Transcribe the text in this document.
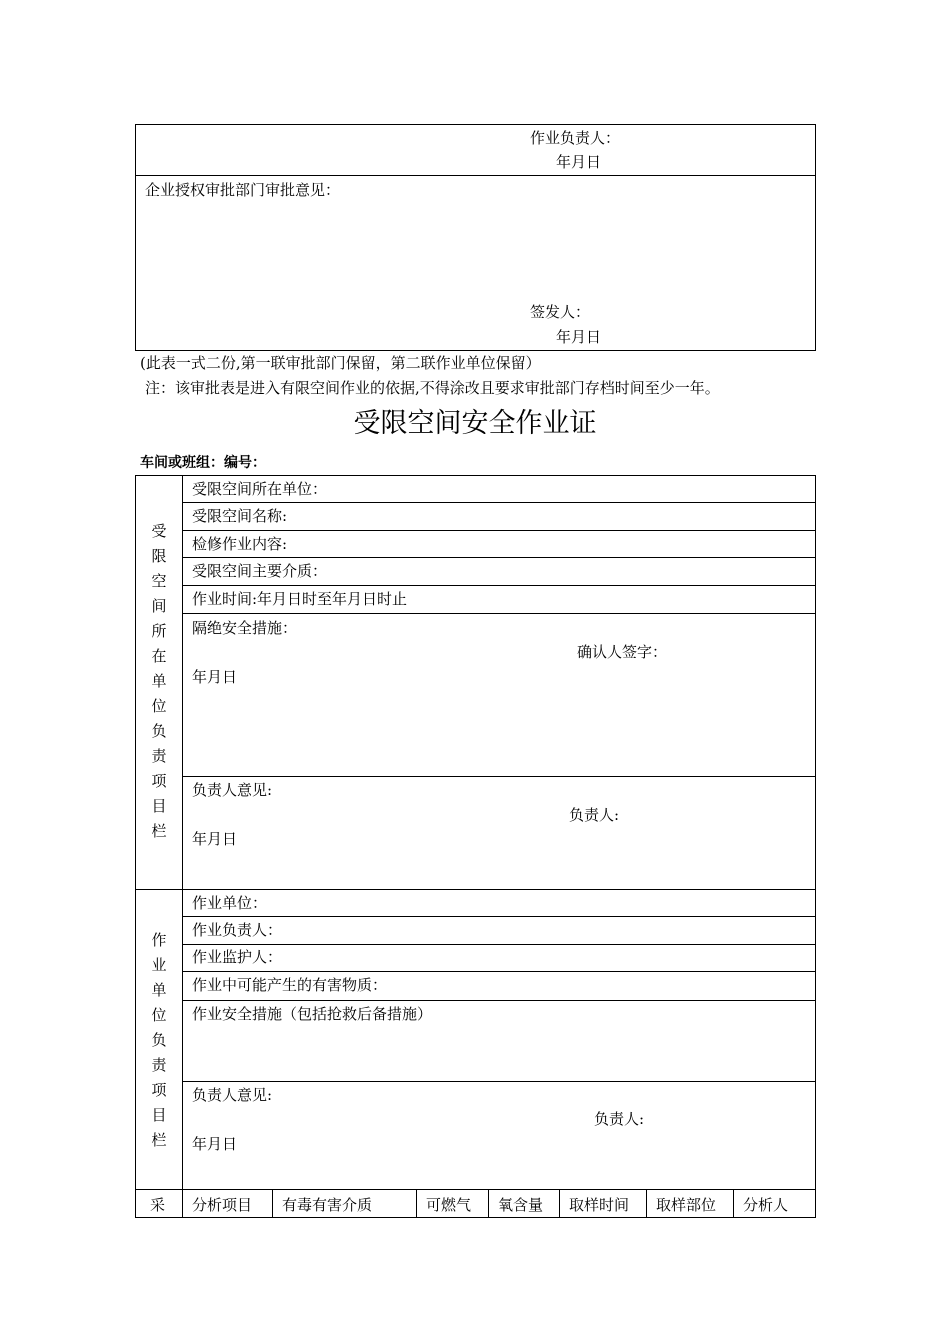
作业负责人：
年月日
企业授权审批部门审批意见：
签发人：
年月日
(此表一式二份,第一联审批部门保留，第二联作业单位保留）
注：该审批表是进入有限空间作业的依据,不得涂改且要求审批部门存档时间至少一年。
受限空间安全作业证
车间或班组：编号：
受限空间所在单位负责项目栏
受限空间所在单位：
受限空间名称:
检修作业内容:
受限空间主要介质：
作业时间:年月日时至年月日时止
隔绝安全措施：
确认人签字：
年月日
负责人意见:
负责人:
年月日
作业单位负责项目栏
作业单位：
作业负责人：
作业监护人：
作业中可能产生的有害物质：
作业安全措施（包括抢救后备措施）
负责人意见:
负责人:
年月日
采 分析项目 有毒有害介质	可燃气 氧含量 取样时间 取样部位 分析人
